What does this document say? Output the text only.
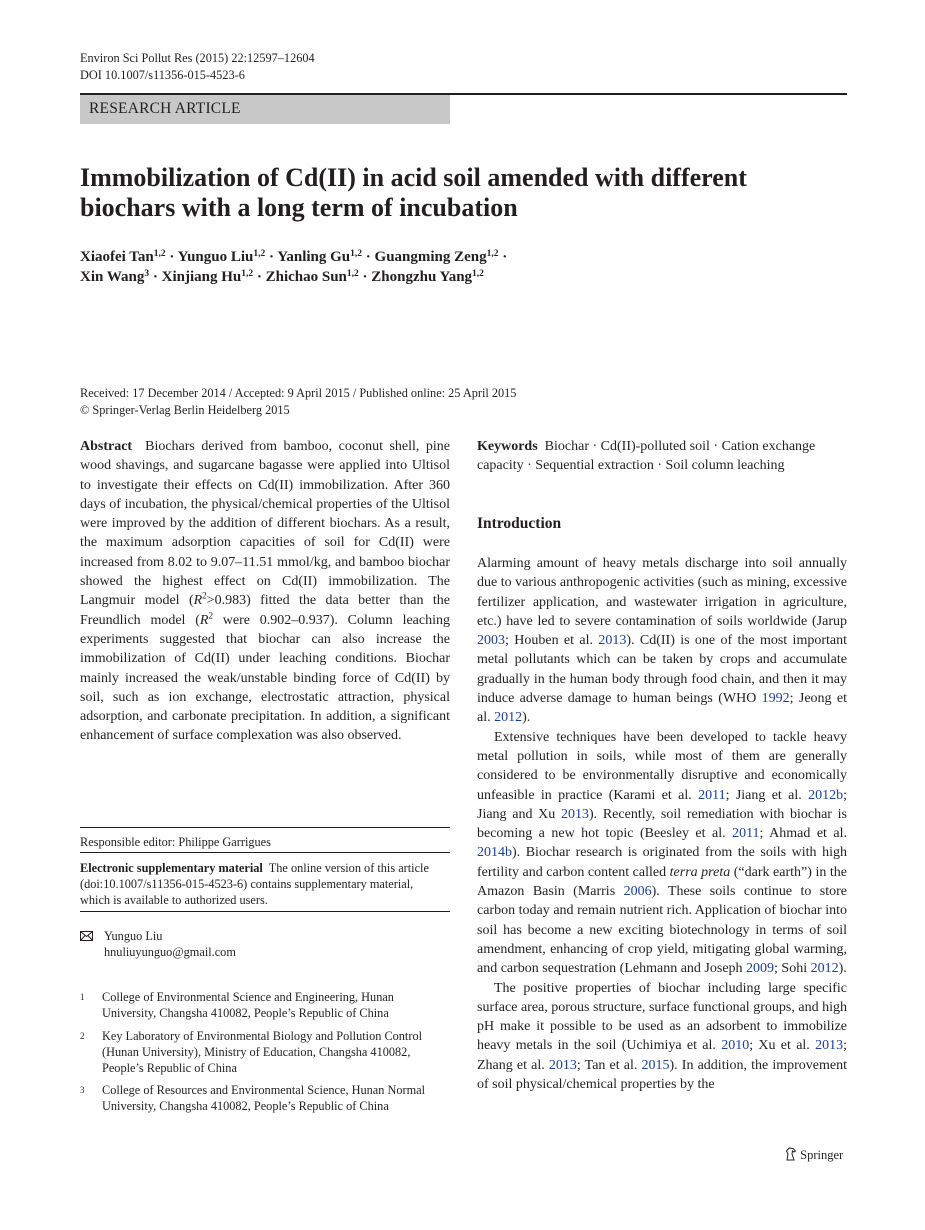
Environ Sci Pollut Res (2015) 22:12597–12604
DOI 10.1007/s11356-015-4523-6
RESEARCH ARTICLE
Immobilization of Cd(II) in acid soil amended with different biochars with a long term of incubation
Xiaofei Tan$^{1,2}$ · Yunguo Liu$^{1,2}$ · Yanling Gu$^{1,2}$ · Guangming Zeng$^{1,2}$ ·
Xin Wang$^3$ · Xinjiang Hu$^{1,2}$ · Zhichao Sun$^{1,2}$ · Zhongzhu Yang$^{1,2}$
Received: 17 December 2014 / Accepted: 9 April 2015 / Published online: 25 April 2015
© Springer-Verlag Berlin Heidelberg 2015
Abstract Biochars derived from bamboo, coconut shell, pine wood shavings, and sugarcane bagasse were applied into Ultisol to investigate their effects on Cd(II) immobilization. After 360 days of incubation, the physical/chemical properties of the Ultisol were improved by the addition of different biochars. As a result, the maximum adsorption capacities of soil for Cd(II) were increased from 8.02 to 9.07–11.51 mmol/kg, and bamboo biochar showed the highest effect on Cd(II) immobilization. The Langmuir model $(R^2>0.983)$ fitted the data better than the Freundlich model ($R^2$ were 0.902–0.937). Column leaching experiments suggested that biochar can also increase the immobilization of Cd(II) under leaching conditions. Biochar mainly increased the weak/unstable binding force of Cd(II) by soil, such as ion exchange, electrostatic attraction, physical adsorption, and carbonate precipitation. In addition, a significant enhancement of surface complexation was also observed.
Keywords Biochar · Cd(II)-polluted soil · Cation exchange capacity · Sequential extraction · Soil column leaching
Introduction

Alarming amount of heavy metals discharge into soil annually due to various anthropogenic activities (such as mining, excessive fertilizer application, and wastewater irrigation in agriculture, etc.) have led to severe contamination of soils worldwide (Jarup 2003; Houben et al. 2013). Cd(II) is one of the most important metal pollutants which can be taken by crops and accumulate gradually in the human body through food chain, and then it may induce adverse damage to human beings (WHO 1992; Jeong et al. 2012).

Extensive techniques have been developed to tackle heavy metal pollution in soils, while most of them are generally considered to be environmentally disruptive and economically unfeasible in practice (Karami et al. 2011; Jiang et al. 2012b; Jiang and Xu 2013). Recently, soil remediation with biochar is becoming a new hot topic (Beesley et al. 2011; Ahmad et al. 2014b). Biochar research is originated from the soils with high fertility and carbon content called terra preta (“dark earth”) in the Amazon Basin (Marris 2006). These soils continue to store carbon today and remain nutrient rich. Application of biochar into soil has become a new exciting biotechnology in terms of soil amendment, enhancing of crop yield, mitigating global warming, and carbon sequestration (Lehmann and Joseph 2009; Sohi 2012).

The positive properties of biochar including large specific surface area, porous structure, surface functional groups, and high pH make it possible to be used as an adsorbent to immobilize heavy metals in the soil (Uchimiya et al. 2010; Xu et al. 2013; Zhang et al. 2013; Tan et al. 2015). In addition, the improvement of soil physical/chemical properties by the

Responsible editor: Philippe Garrigues
Electronic supplementary material The online version of this article (doi:10.1007/s11356-015-4523-6) contains supplementary material, which is available to authorized users.
Yunguo Liu
hnuliuyunguo@gmail.com
1 College of Environmental Science and Engineering, Hunan University, Changsha 410082, People’s Republic of China
2 Key Laboratory of Environmental Biology and Pollution Control (Hunan University), Ministry of Education, Changsha 410082, People’s Republic of China
3 College of Resources and Environmental Science, Hunan Normal University, Changsha 410082, People’s Republic of China
Springer
